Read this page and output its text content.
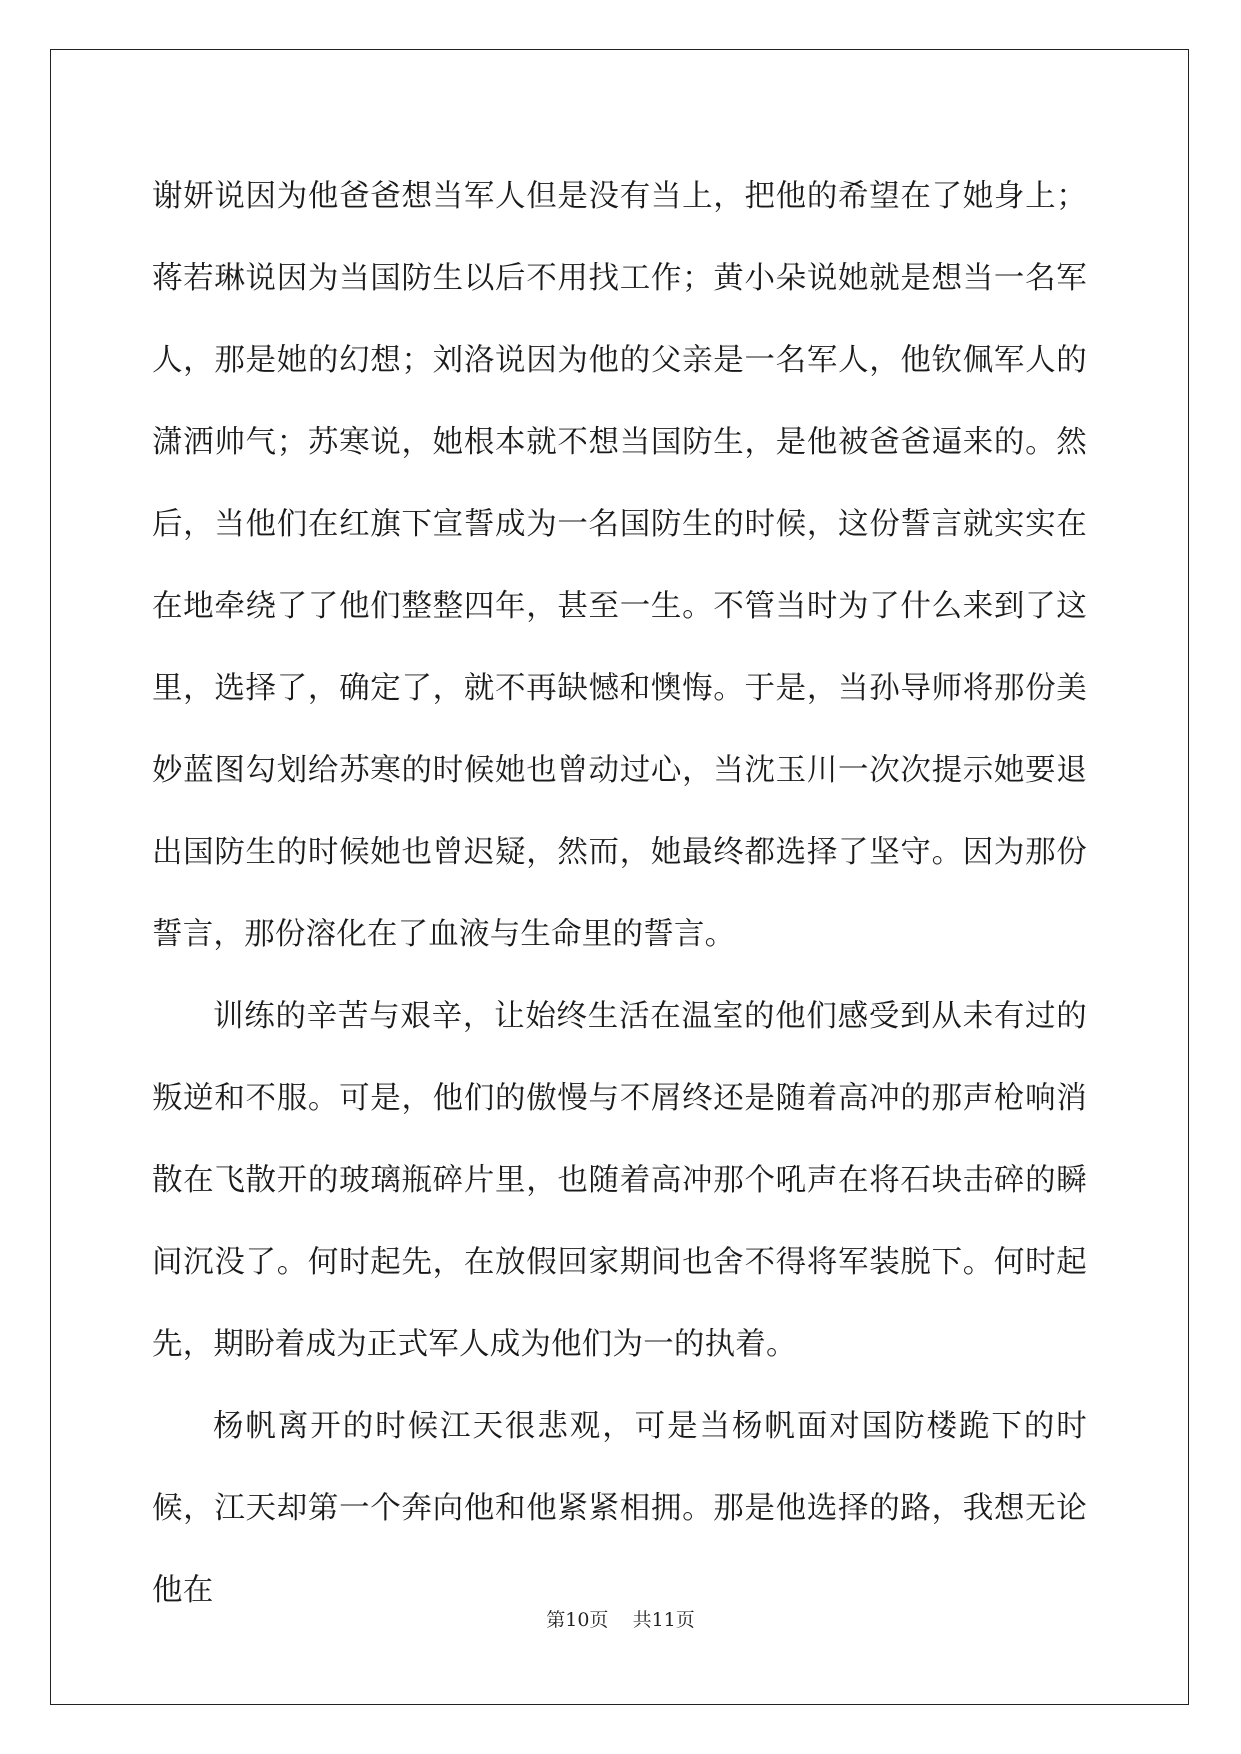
谢妍说因为他爸爸想当军人但是没有当上，把他的希望在了她身上；蒋若琳说因为当国防生以后不用找工作；黄小朵说她就是想当一名军人，那是她的幻想；刘洛说因为他的父亲是一名军人，他钦佩军人的潇洒帅气；苏寒说，她根本就不想当国防生，是他被爸爸逼来的。然后，当他们在红旗下宣誓成为一名国防生的时候，这份誓言就实实在在地牵绕了了他们整整四年，甚至一生。不管当时为了什么来到了这里，选择了，确定了，就不再缺憾和懊悔。于是，当孙导师将那份美妙蓝图勾划给苏寒的时候她也曾动过心，当沈玉川一次次提示她要退出国防生的时候她也曾迟疑，然而，她最终都选择了坚守。因为那份誓言，那份溶化在了血液与生命里的誓言。

训练的辛苦与艰辛，让始终生活在温室的他们感受到从未有过的叛逆和不服。可是，他们的傲慢与不屑终还是随着高冲的那声枪响消散在飞散开的玻璃瓶碎片里，也随着高冲那个吼声在将石块击碎的瞬间沉没了。何时起先，在放假回家期间也舍不得将军装脱下。何时起先，期盼着成为正式军人成为他们为一的执着。

杨帆离开的时候江天很悲观，可是当杨帆面对国防楼跪下的时候，江天却第一个奔向他和他紧紧相拥。那是他选择的路，我想无论他在

第10页    共11页
